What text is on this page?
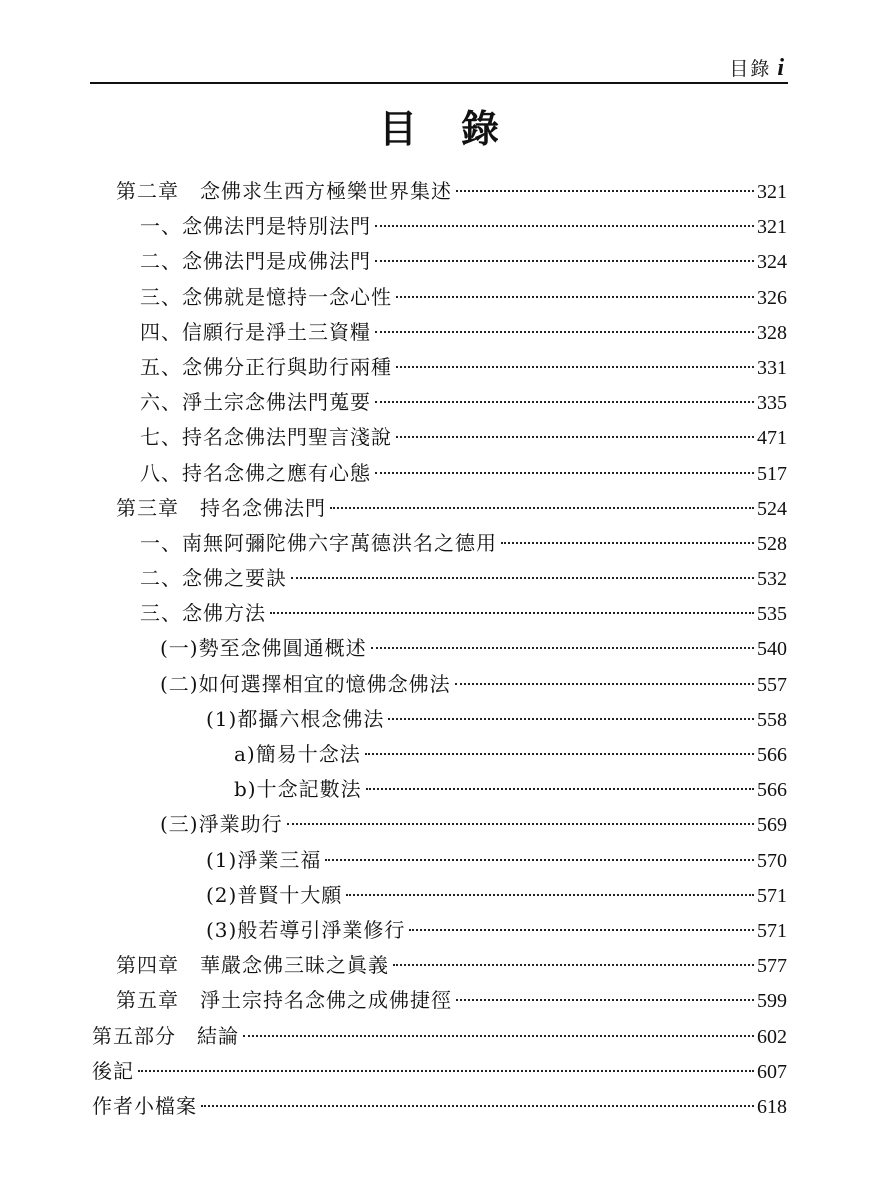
目錄 i
目錄
第二章　念佛求生西方極樂世界集述	321
一、念佛法門是特別法門	321
二、念佛法門是成佛法門	324
三、念佛就是憶持一念心性	326
四、信願行是淨土三資糧	328
五、念佛分正行與助行兩種	331
六、淨土宗念佛法門蒐要	335
七、持名念佛法門聖言淺說	471
八、持名念佛之應有心態	517
第三章　持名念佛法門	524
一、南無阿彌陀佛六字萬德洪名之德用	528
二、念佛之要訣	532
三、念佛方法	535
(一)勢至念佛圓通概述	540
(二)如何選擇相宜的憶佛念佛法	557
(1)都攝六根念佛法	558
a)簡易十念法	566
b)十念記數法	566
(三)淨業助行	569
(1)淨業三福	570
(2)普賢十大願	571
(3)般若導引淨業修行	571
第四章　華嚴念佛三昧之眞義	577
第五章　淨土宗持名念佛之成佛捷徑	599
第五部分　結論	602
後記	607
作者小檔案	618
